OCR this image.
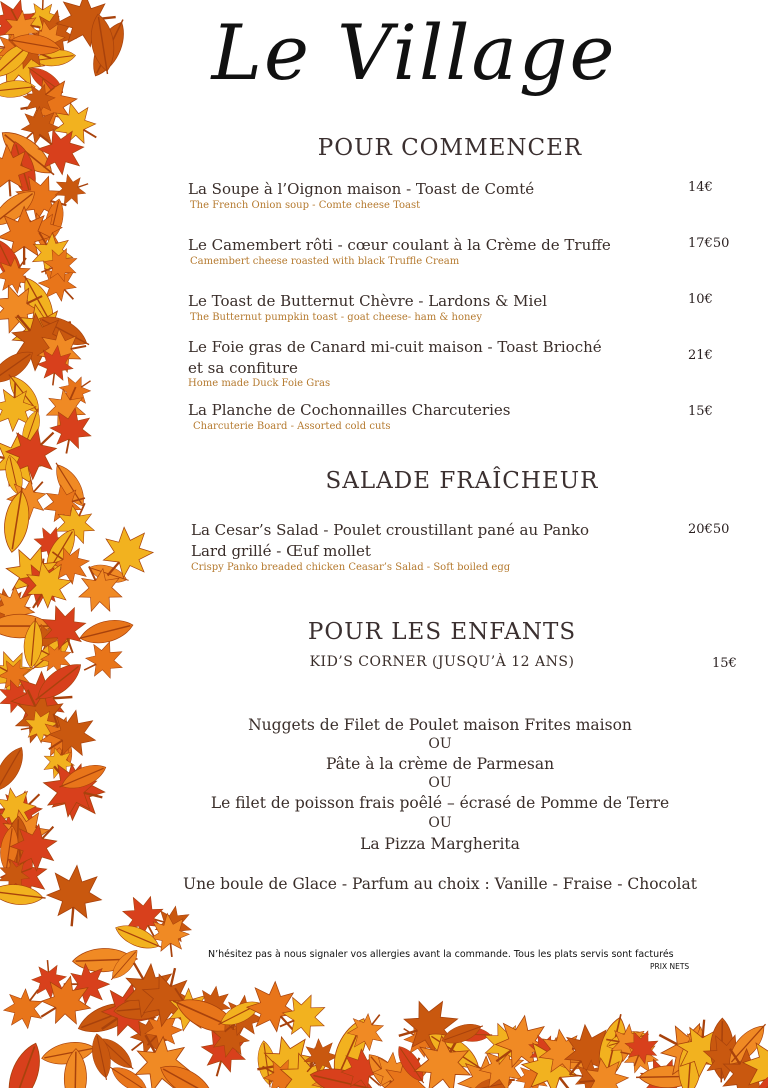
Le Village
POUR COMMENCER
La Soupe à l’Oignon maison - Toast de Comté
The French Onion soup - Comte cheese Toast
14€
Le Camembert rôti - cœur coulant à la Crème de Truffe
Camembert cheese roasted with black Truffle Cream
17€50
Le Toast de Butternut Chèvre - Lardons & Miel
The Butternut pumpkin toast - goat cheese- ham & honey
10€
Le Foie gras de Canard mi-cuit maison - Toast Brioché
et sa confiture
Home made Duck Foie Gras
21€
La Planche de Cochonnailles Charcuteries
Charcuterie Board - Assorted cold cuts
15€
SALADE FRAÎCHEUR
La Cesar’s Salad - Poulet croustillant pané au Panko
Lard grillé - Œuf mollet
Crispy Panko breaded chicken Ceasar’s Salad - Soft boiled egg
20€50
POUR LES ENFANTS
KID’S CORNER (JUSQU’À 12 ANS)	15€
Nuggets de Filet de Poulet maison Frites maison
OU
Pâte à la crème de Parmesan
OU
Le filet de poisson frais poêlé – écrasé de Pomme de Terre
OU
La Pizza Margherita
Une boule de Glace - Parfum au choix : Vanille - Fraise - Chocolat
N’hésitez pas à nous signaler vos allergies avant la commande. Tous les plats servis sont facturés
PRIX NETS
